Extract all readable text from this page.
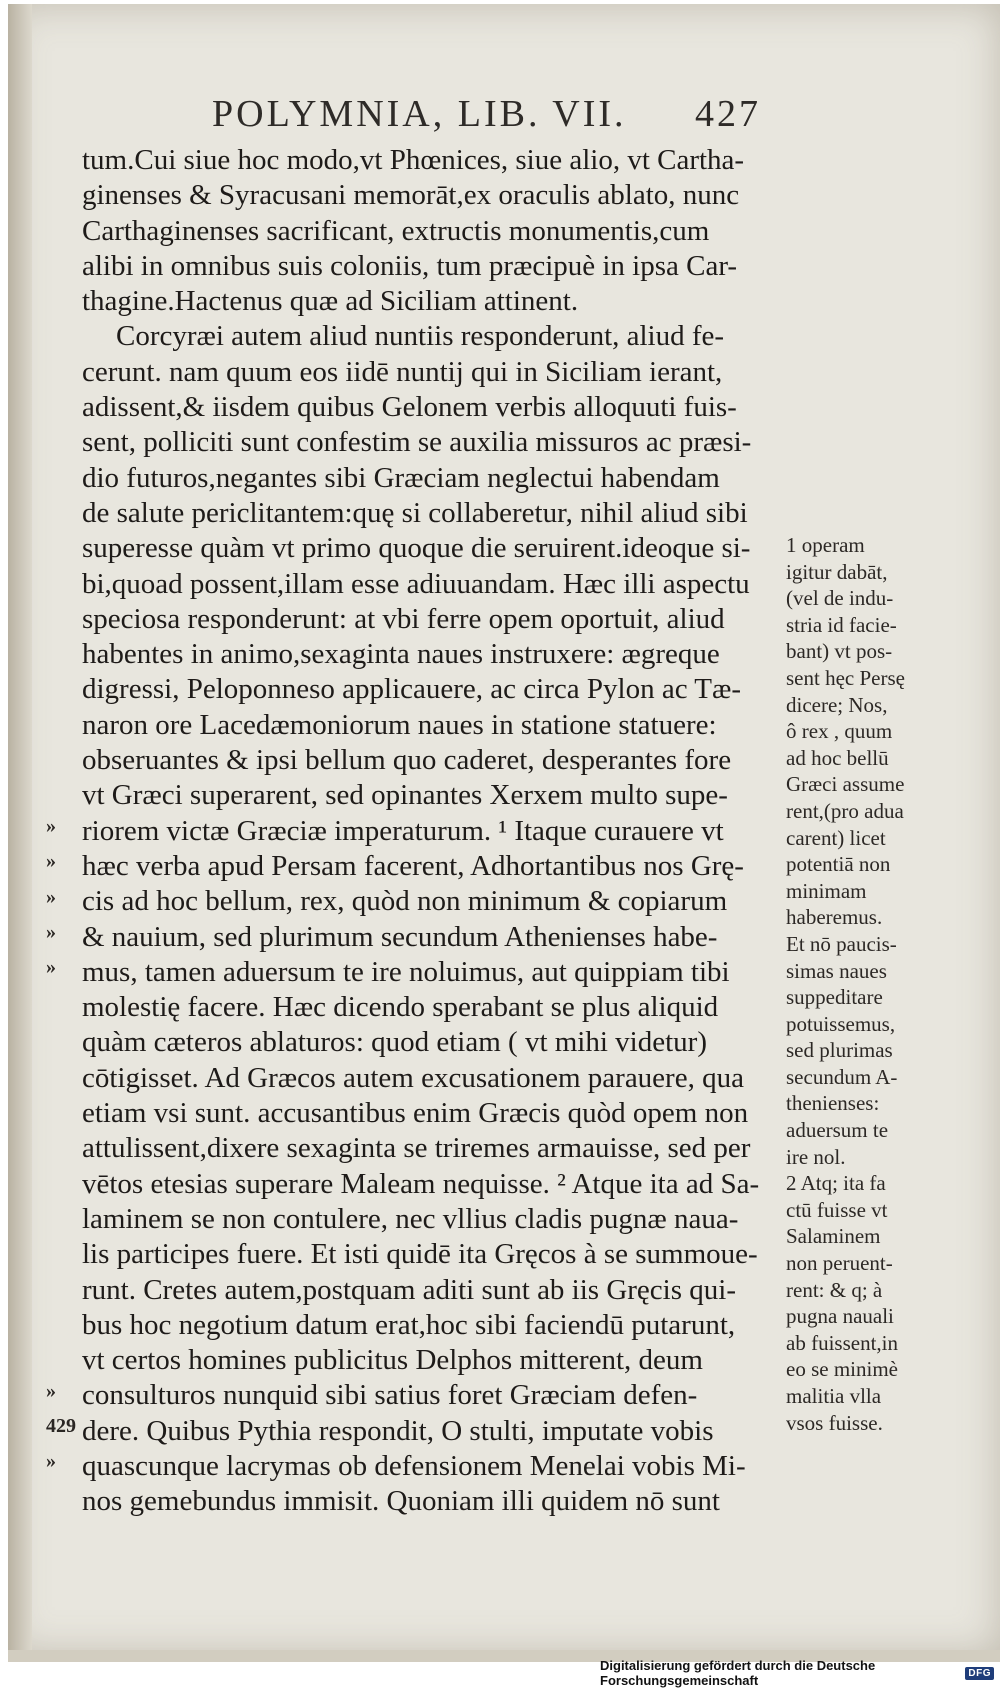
POLYMNIA, LIB. VII. 427
tum.Cui siue hoc modo,vt Phœnices, siue alio, vt Cartha-
ginenses & Syracusani memorāt,ex oraculis ablato, nunc
Carthaginenses sacrificant, extructis monumentis,cum
alibi in omnibus suis coloniis, tum præcipuè in ipsa Car-
thagine.Hactenus quæ ad Siciliam attinent.
Corcyræi autem aliud nuntiis responderunt, aliud fe-
cerunt. nam quum eos iidē nuntij qui in Siciliam ierant,
adissent,& iisdem quibus Gelonem verbis alloquuti fuis-
sent, polliciti sunt confestim se auxilia missuros ac præsi-
dio futuros,negantes sibi Græciam neglectui habendam
de salute periclitantem:quę si collaberetur, nihil aliud sibi
superesse quàm vt primo quoque die seruirent.ideoque si-
bi,quoad possent,illam esse adiuuandam. Hæc illi aspectu
speciosa responderunt: at vbi ferre opem oportuit, aliud
habentes in animo,sexaginta naues instruxere: ægreque
digressi, Peloponneso applicauere, ac circa Pylon ac Tæ-
naron ore Lacedæmoniorum naues in statione statuere:
obseruantes & ipsi bellum quo caderet, desperantes fore
vt Græci superarent, sed opinantes Xerxem multo supe-
riorem victæ Græciæ imperaturum. ¹ Itaque curauere vt
hæc verba apud Persam facerent, Adhortantibus nos Grę-
cis ad hoc bellum, rex, quòd non minimum & copiarum
& nauium, sed plurimum secundum Athenienses habe-
mus, tamen aduersum te ire noluimus, aut quippiam tibi
molestię facere. Hæc dicendo sperabant se plus aliquid
quàm cæteros ablaturos: quod etiam ( vt mihi videtur)
cōtigisset. Ad Græcos autem excusationem parauere, qua
etiam vsi sunt. accusantibus enim Græcis quòd opem non
attulissent,dixere sexaginta se triremes armauisse, sed per
vētos etesias superare Maleam nequisse. ² Atque ita ad Sa-
laminem se non contulere, nec vllius cladis pugnæ naua-
lis participes fuere. Et isti quidē ita Gręcos à se summoue-
runt. Cretes autem,postquam aditi sunt ab iis Gręcis qui-
bus hoc negotium datum erat,hoc sibi faciendū putarunt,
vt certos homines publicitus Delphos mitterent, deum
consulturos nunquid sibi satius foret Græciam defen-
dere. Quibus Pythia respondit, O stulti, imputate vobis
quascunque lacrymas ob defensionem Menelai vobis Mi-
nos gemebundus immisit. Quoniam illi quidem nō sunt
»
»
»
»
»
»
429
»
1 operam
igitur dabāt,
(vel de indu-
stria id facie-
bant) vt pos-
sent hęc Persę
dicere; Nos,
ô rex , quum
ad hoc bellū
Græci assume
rent,(pro adua
carent) licet
potentiā non
minimam
haberemus.
Et nō paucis-
simas naues
suppeditare
potuissemus,
sed plurimas
secundum A-
thenienses:
aduersum te
ire nol.
2 Atq; ita fa
ctū fuisse vt
Salaminem
non peruent-
rent: & q; à
pugna nauali
ab fuissent,in
eo se minimè
malitia vlla
vsos fuisse.
Digitalisierung gefördert durch die Deutsche Forschungsgemeinschaft	DFG
